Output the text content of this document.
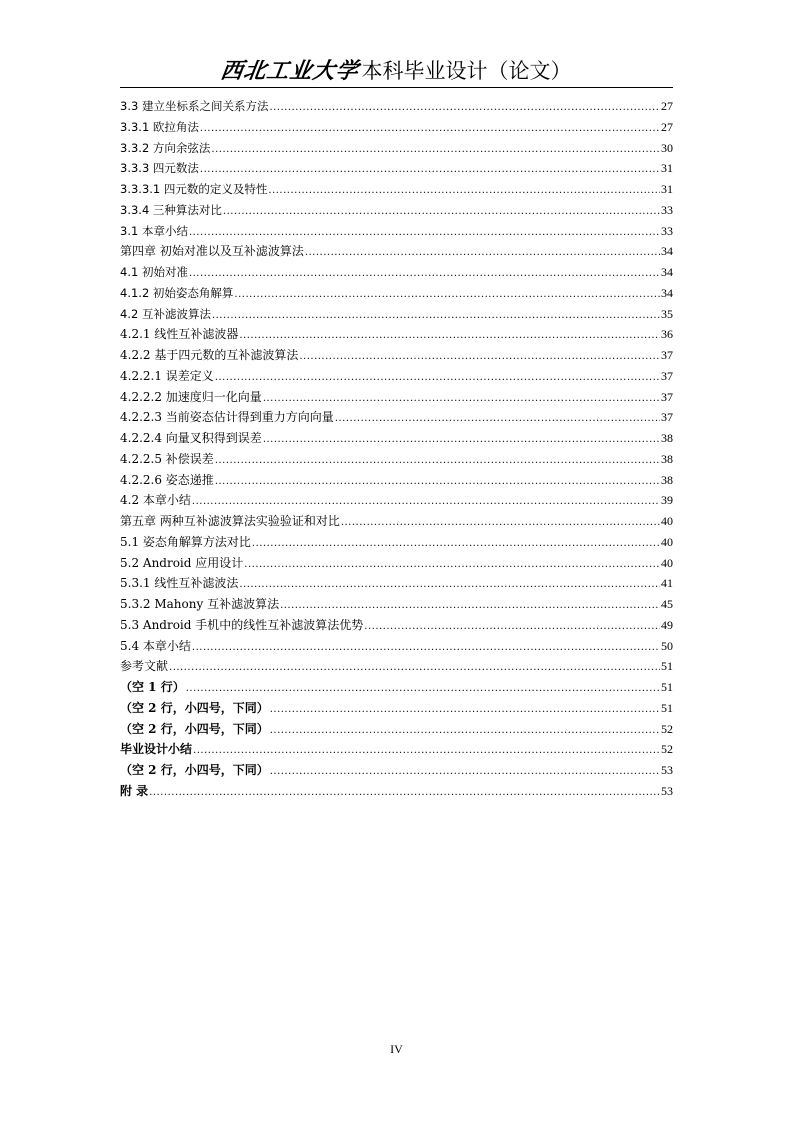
西北工业大学本科毕业设计（论文）
3.3 建立坐标系之间关系方法 .....	27
3.3.1 欧拉角法 .....	27
3.3.2 方向余弦法 .....	30
3.3.3 四元数法 .....	31
3.3.3.1 四元数的定义及特性 .....	31
3.3.4 三种算法对比 .....	33
3.1 本章小结 .....	33
第四章 初始对准以及互补滤波算法 .....	34
4.1 初始对准 .....	34
4.1.2 初始姿态角解算 .....	34
4.2 互补滤波算法 .....	35
4.2.1 线性互补滤波器 .....	36
4.2.2 基于四元数的互补滤波算法 .....	37
4.2.2.1 误差定义 .....	37
4.2.2.2 加速度归一化向量 .....	37
4.2.2.3 当前姿态估计得到重力方向向量 .....	37
4.2.2.4 向量叉积得到误差 .....	38
4.2.2.5 补偿误差 .....	38
4.2.2.6 姿态递推 .....	38
4.2 本章小结 .....	39
第五章 两种互补滤波算法实验验证和对比 .....	40
5.1 姿态角解算方法对比 .....	40
5.2 Android 应用设计 .....	40
5.3.1 线性互补滤波法 .....	41
5.3.2 Mahony 互补滤波算法 .....	45
5.3 Android 手机中的线性互补滤波算法优势 .....	49
5.4 本章小结 .....	50
参考文献 .....	51
（空 1 行） .....	51
（空 2 行，小四号，下同） .....	51
（空 2 行，小四号，下同） .....	52
毕业设计小结 .....	52
（空 2 行，小四号，下同） .....	53
附 录 .....	53
IV
